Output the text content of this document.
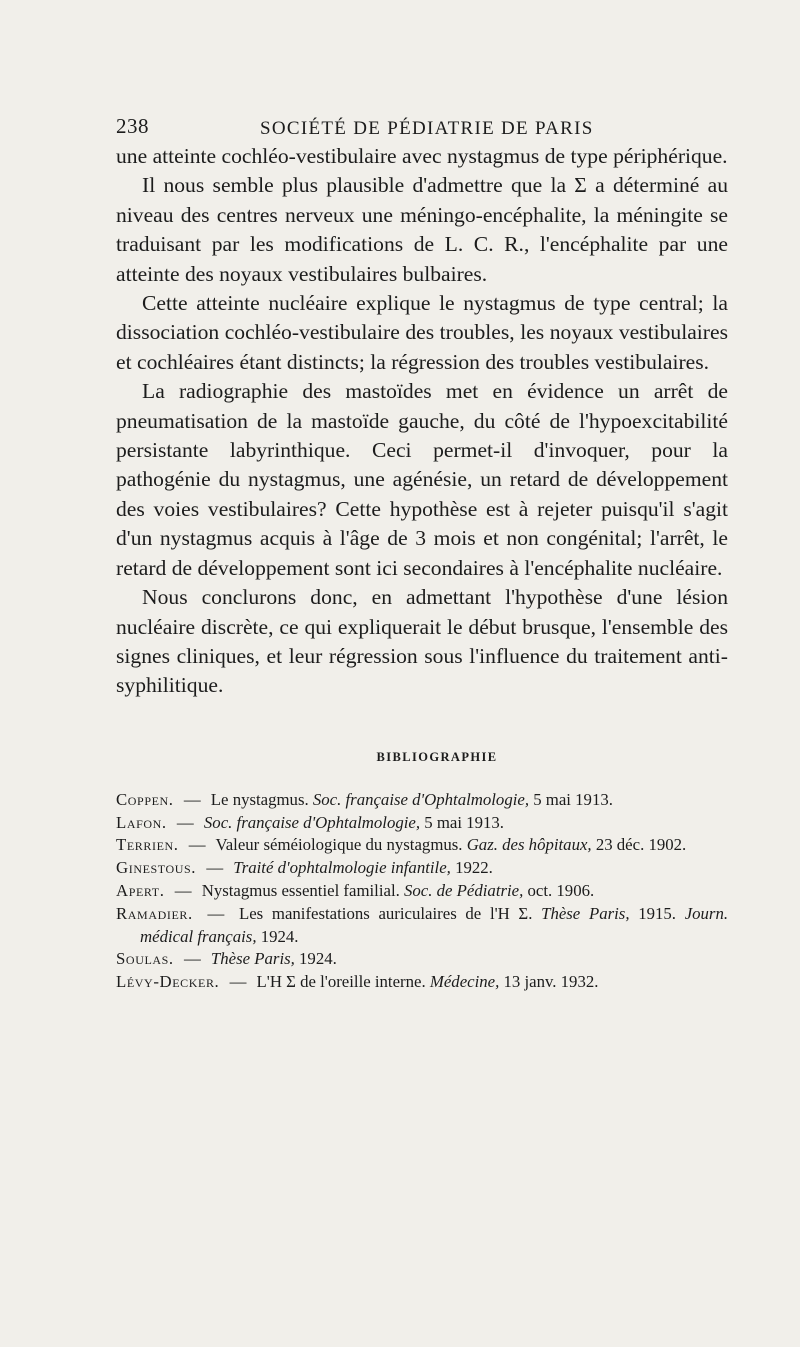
238	SOCIÉTÉ DE PÉDIATRIE DE PARIS

une atteinte cochléo-vestibulaire avec nystagmus de type périphérique.

Il nous semble plus plausible d'admettre que la Σ a déterminé au niveau des centres nerveux une méningo-encéphalite, la méningite se traduisant par les modifications de L. C. R., l'encéphalite par une atteinte des noyaux vestibulaires bulbaires.

Cette atteinte nucléaire explique le nystagmus de type central; la dissociation cochléo-vestibulaire des troubles, les noyaux vestibulaires et cochléaires étant distincts; la régression des troubles vestibulaires.

La radiographie des mastoïdes met en évidence un arrêt de pneumatisation de la mastoïde gauche, du côté de l'hypoexcitabilité persistante labyrinthique. Ceci permet-il d'invoquer, pour la pathogénie du nystagmus, une agénésie, un retard de développement des voies vestibulaires? Cette hypothèse est à rejeter puisqu'il s'agit d'un nystagmus acquis à l'âge de 3 mois et non congénital; l'arrêt, le retard de développement sont ici secondaires à l'encéphalite nucléaire.

Nous conclurons donc, en admettant l'hypothèse d'une lésion nucléaire discrète, ce qui expliquerait le début brusque, l'ensemble des signes cliniques, et leur régression sous l'influence du traitement anti-syphilitique.

BIBLIOGRAPHIE
Coppen. — Le nystagmus. Soc. française d'Ophtalmologie, 5 mai 1913.
Lafon. — Soc. française d'Ophtalmologie, 5 mai 1913.
Terrien. — Valeur séméiologique du nystagmus. Gaz. des hôpitaux, 23 déc. 1902.
Ginestous. — Traité d'ophtalmologie infantile, 1922.
Apert. — Nystagmus essentiel familial. Soc. de Pédiatrie, oct. 1906.
Ramadier. — Les manifestations auriculaires de l'H Σ. Thèse Paris, 1915. Journ. médical français, 1924.
Soulas. — Thèse Paris, 1924.
Lévy-Decker. — L'H Σ de l'oreille interne. Médecine, 13 janv. 1932.
